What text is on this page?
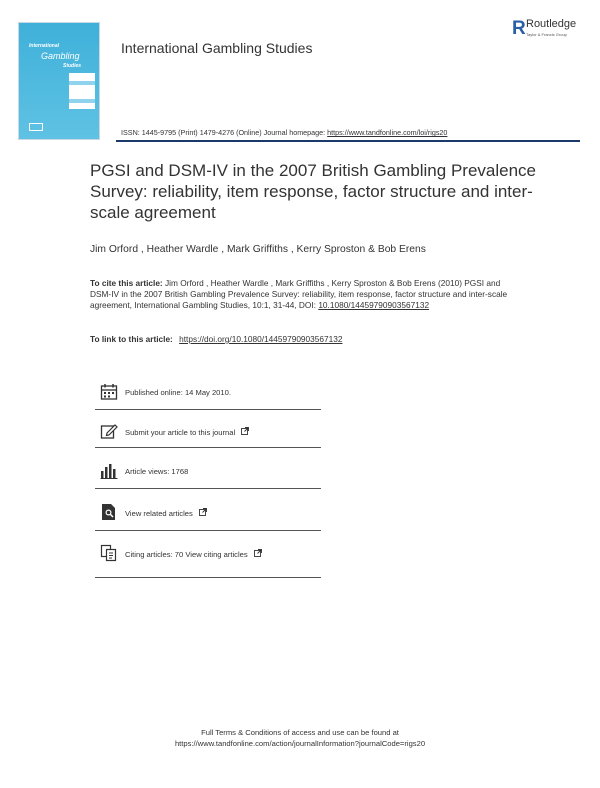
International
Gambling
Studies
International Gambling Studies
R Routledge
Taylor & Francis Group
ISSN: 1445-9795 (Print) 1479-4276 (Online) Journal homepage: https://www.tandfonline.com/loi/rigs20
PGSI and DSM-IV in the 2007 British Gambling Prevalence Survey: reliability, item response, factor structure and inter-scale agreement
Jim Orford , Heather Wardle , Mark Griffiths , Kerry Sproston & Bob Erens
To cite this article: Jim Orford , Heather Wardle , Mark Griffiths , Kerry Sproston & Bob Erens (2010) PGSI and DSM-IV in the 2007 British Gambling Prevalence Survey: reliability, item response, factor structure and inter-scale agreement, International Gambling Studies, 10:1, 31-44, DOI: 10.1080/14459790903567132
To link to this article: https://doi.org/10.1080/14459790903567132
Published online: 14 May 2010.
Submit your article to this journal
Article views: 1768
View related articles
Citing articles: 70 View citing articles
Full Terms & Conditions of access and use can be found at
https://www.tandfonline.com/action/journalInformation?journalCode=rigs20
